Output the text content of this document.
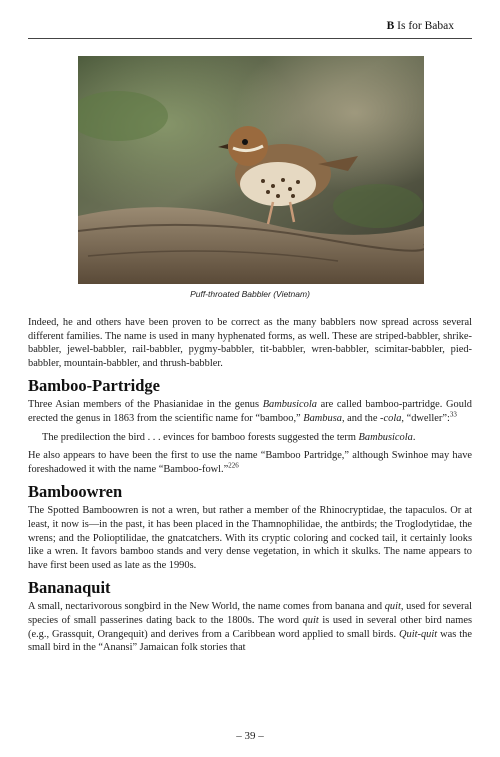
B Is for Babax
Puff-throated Babbler (Vietnam)

Indeed, he and others have been proven to be correct as the many babblers now spread across several different families. The name is used in many hyphenated forms, as well. These are striped-babbler, shrike-babbler, jewel-babbler, rail-babbler, pygmy-babbler, tit-babbler, wren-babbler, scimitar-babbler, pied-babbler, mountain-babbler, and thrush-babbler.

Bamboo-Partridge

Three Asian members of the Phasianidae in the genus Bambusicola are called bamboo-partridge. Gould erected the genus in 1863 from the scientific name for “bamboo,” Bambusa, and the -cola, “dweller”:$^{33}$

The predilection the bird . . . evinces for bamboo forests suggested the term Bambusicola.

He also appears to have been the first to use the name “Bamboo Partridge,” although Swinhoe may have foreshadowed it with the name “Bamboo-fowl.”$^{226}$

Bamboowren

The Spotted Bamboowren is not a wren, but rather a member of the Rhinocryptidae, the tapaculos. Or at least, it now is—in the past, it has been placed in the Thamnophilidae, the antbirds; the Troglodytidae, the wrens; and the Polioptilidae, the gnatcatchers. With its cryptic coloring and cocked tail, it certainly looks like a wren. It favors bamboo stands and very dense vegetation, in which it skulks. The name appears to have first been used as late as the 1990s.

Bananaquit

A small, nectarivorous songbird in the New World, the name comes from banana and quit, used for several species of small passerines dating back to the 1800s. The word quit is used in several other bird names (e.g., Grassquit, Orangequit) and derives from a Caribbean word applied to small birds. Quit-quit was the small bird in the “Anansi” Jamaican folk stories that

– 39 –
